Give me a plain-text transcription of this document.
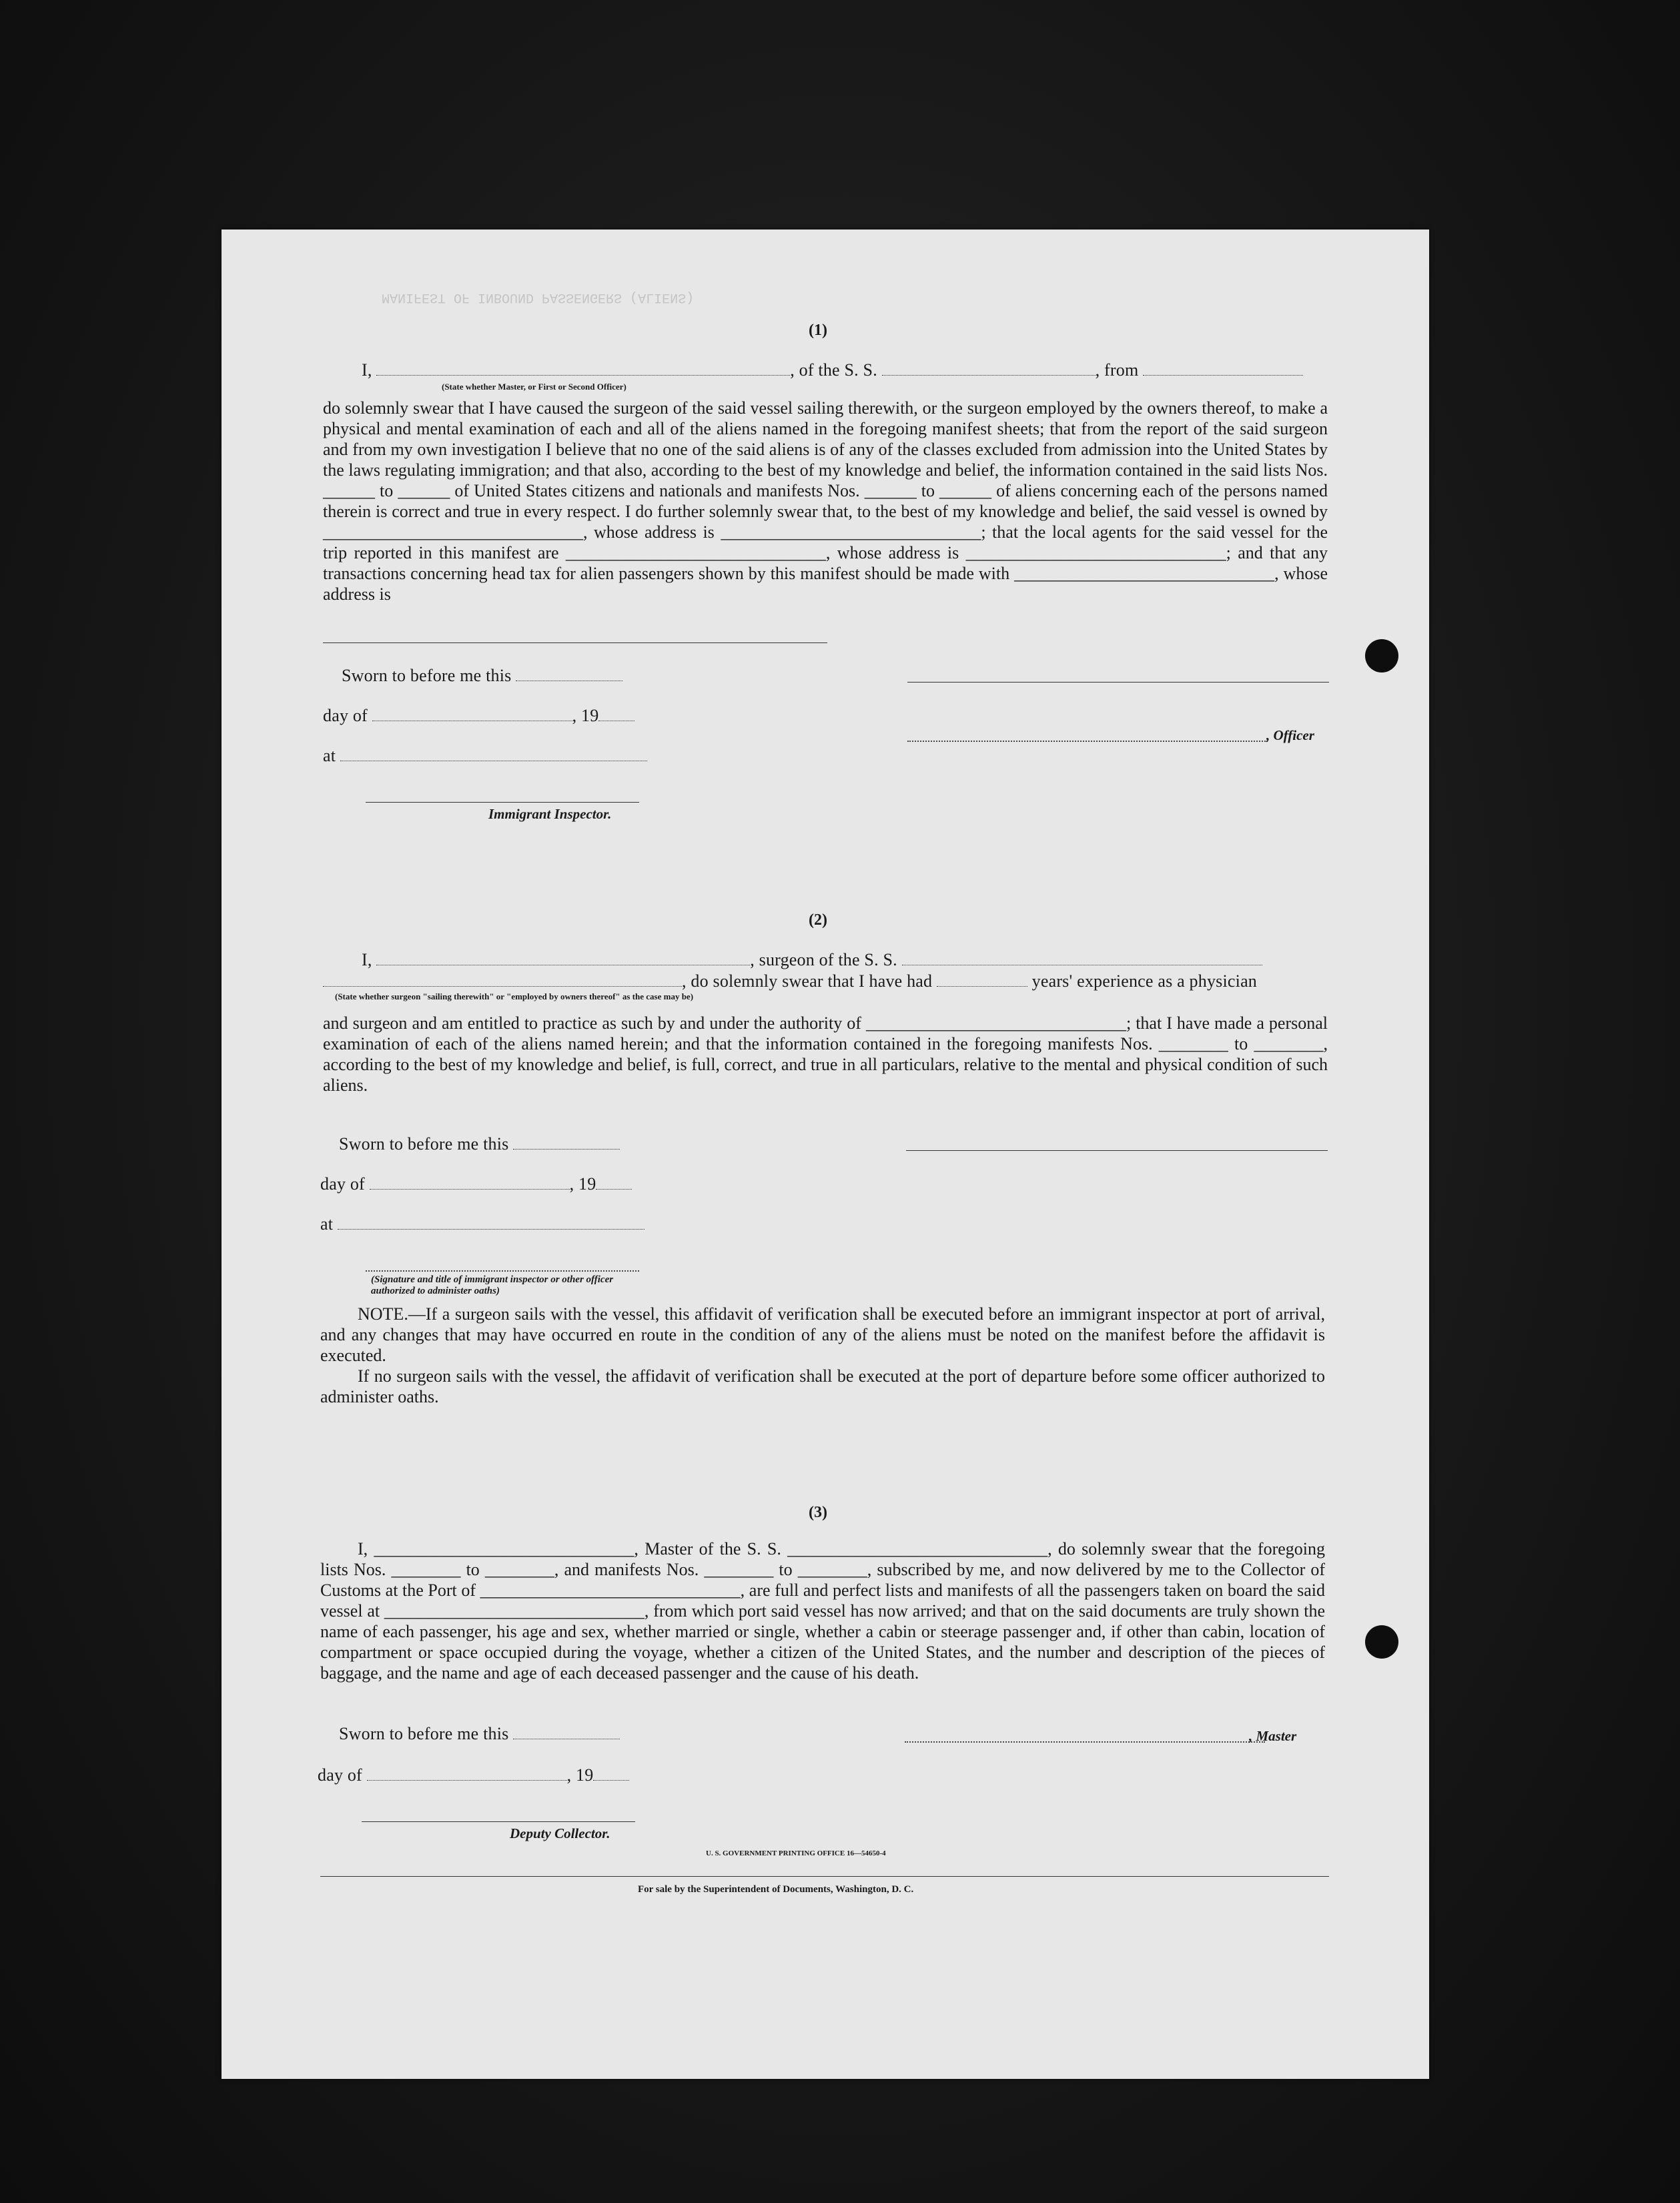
MANIFEST OF INBOUND PASSENGERS (ALIENS)
(1)
I,	, of the S. S.	, from
(State whether Master, or First or Second Officer)
do solemnly swear that I have caused the surgeon of the said vessel sailing therewith, or the surgeon employed by the owners thereof, to make a physical and mental examination of each and all of the aliens named in the foregoing manifest sheets; that from the report of the said surgeon and from my own investigation I believe that no one of the said aliens is of any of the classes excluded from admission into the United States by the laws regulating immigration; and that also, according to the best of my knowledge and belief, the information contained in the said lists Nos. ______ to ______ of United States citizens and nationals and manifests Nos. ______ to ______ of aliens concerning each of the persons named therein is correct and true in every respect. I do further solemnly swear that, to the best of my knowledge and belief, the said vessel is owned by ______________________________, whose address is ______________________________; that the local agents for the said vessel for the trip reported in this manifest are ______________________________, whose address is ______________________________; and that any transactions concerning head tax for alien passengers shown by this manifest should be made with ______________________________, whose address is
Sworn to before me this
day of	, 19
at
Immigrant Inspector.
, Officer
(2)
I,	, surgeon of the S. S.
, do solemnly swear that I have had	years' experience as a physician
(State whether surgeon "sailing therewith" or "employed by owners thereof" as the case may be)
and surgeon and am entitled to practice as such by and under the authority of ______________________________; that I have made a personal examination of each of the aliens named herein; and that the information contained in the foregoing manifests Nos. ________ to ________, according to the best of my knowledge and belief, is full, correct, and true in all particulars, relative to the mental and physical condition of such aliens.
Sworn to before me this
day of	, 19
at
(Signature and title of immigrant inspector or other officer authorized to administer oaths)
NOTE.—If a surgeon sails with the vessel, this affidavit of verification shall be executed before an immigrant inspector at port of arrival, and any changes that may have occurred en route in the condition of any of the aliens must be noted on the manifest before the affidavit is executed.
If no surgeon sails with the vessel, the affidavit of verification shall be executed at the port of departure before some officer authorized to administer oaths.
(3)
I, ______________________________, Master of the S. S. ______________________________, do solemnly swear that the foregoing lists Nos. ________ to ________, and manifests Nos. ________ to ________, subscribed by me, and now delivered by me to the Collector of Customs at the Port of ______________________________, are full and perfect lists and manifests of all the passengers taken on board the said vessel at ______________________________, from which port said vessel has now arrived; and that on the said documents are truly shown the name of each passenger, his age and sex, whether married or single, whether a cabin or steerage passenger and, if other than cabin, location of compartment or space occupied during the voyage, whether a citizen of the United States, and the number and description of the pieces of baggage, and the name and age of each deceased passenger and the cause of his death.
Sworn to before me this
day of	, 19
Deputy Collector.
, Master
U. S. GOVERNMENT PRINTING OFFICE 16—54650-4
For sale by the Superintendent of Documents, Washington, D. C.
